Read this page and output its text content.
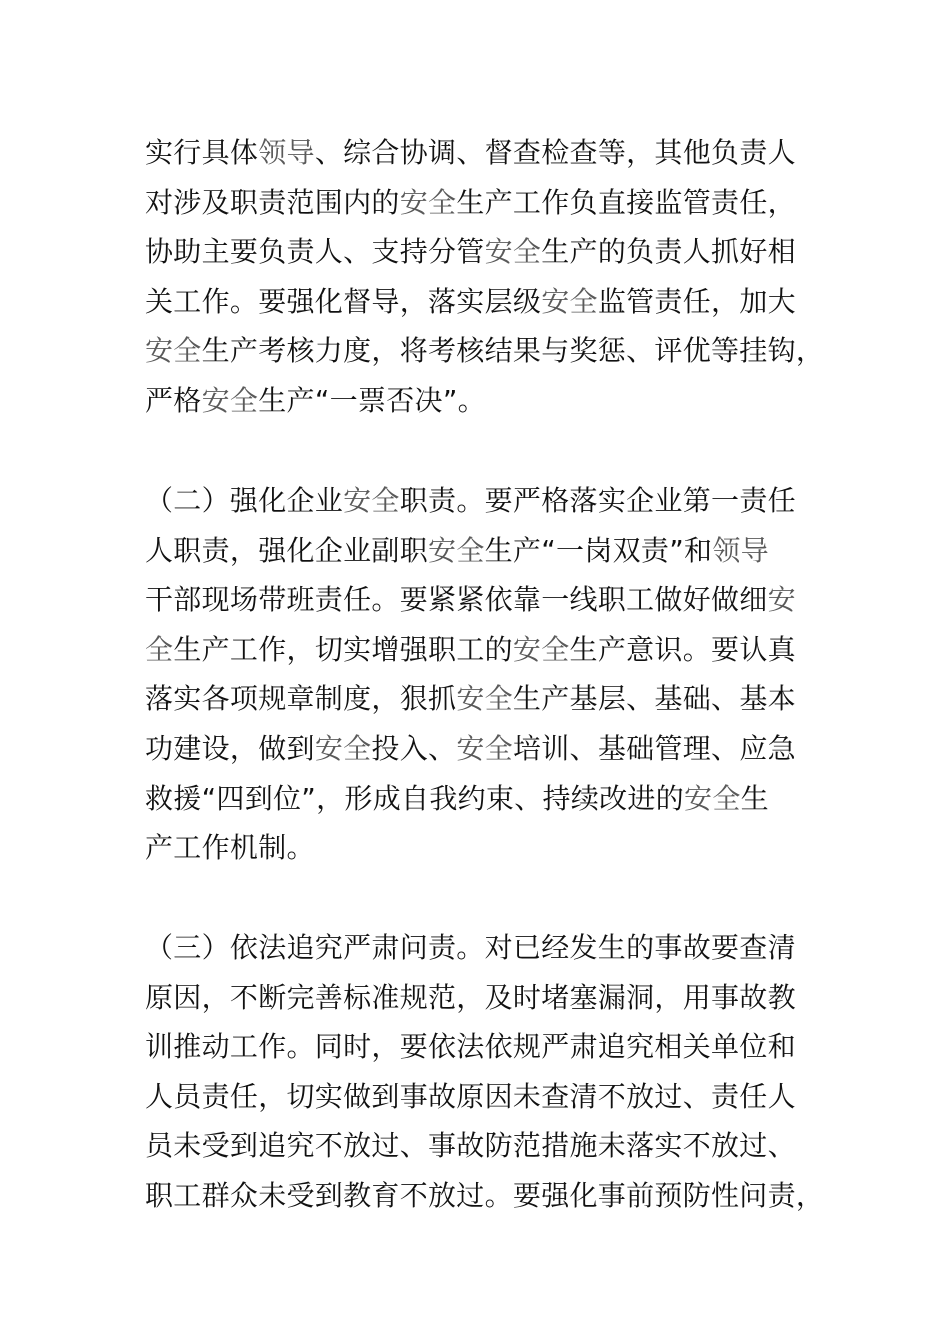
实行具体领导、综合协调、督查检查等，其他负责人
对涉及职责范围内的安全生产工作负直接监管责任，
协助主要负责人、支持分管安全生产的负责人抓好相
关工作。要强化督导，落实层级安全监管责任，加大
安全生产考核力度，将考核结果与奖惩、评优等挂钩，
严格安全生产“一票否决”。
（二）强化企业安全职责。要严格落实企业第一责任
人职责，强化企业副职安全生产“一岗双责”和领导
干部现场带班责任。要紧紧依靠一线职工做好做细安
全生产工作，切实增强职工的安全生产意识。要认真
落实各项规章制度，狠抓安全生产基层、基础、基本
功建设，做到安全投入、安全培训、基础管理、应急
救援“四到位”，形成自我约束、持续改进的安全生
产工作机制。
（三）依法追究严肃问责。对已经发生的事故要查清
原因，不断完善标准规范，及时堵塞漏洞，用事故教
训推动工作。同时，要依法依规严肃追究相关单位和
人员责任，切实做到事故原因未查清不放过、责任人
员未受到追究不放过、事故防范措施未落实不放过、
职工群众未受到教育不放过。要强化事前预防性问责，
